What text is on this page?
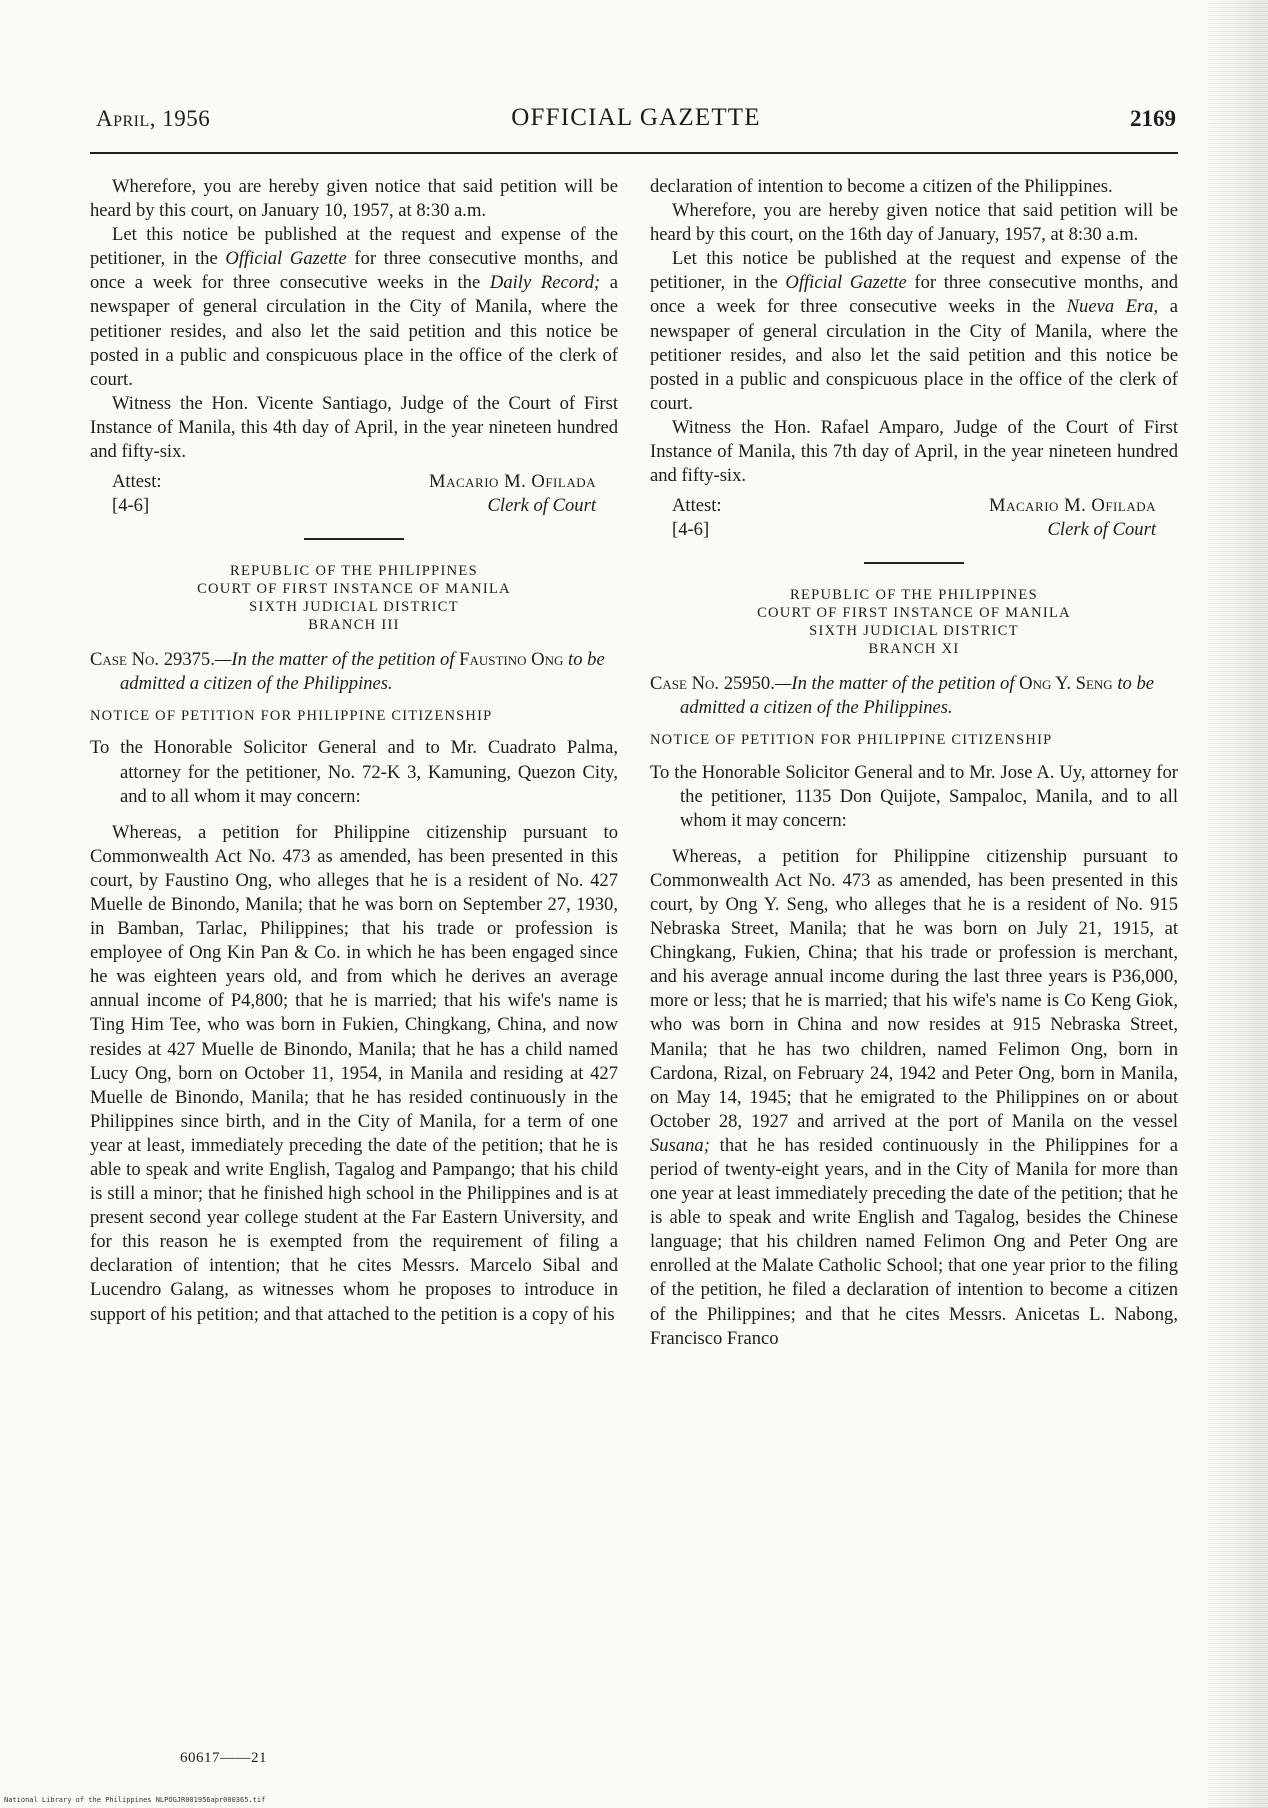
April, 1956	OFFICIAL GAZETTE	2169

Wherefore, you are hereby given notice that said petition will be heard by this court, on January 10, 1957, at 8:30 a.m.

Let this notice be published at the request and expense of the petitioner, in the Official Gazette for three consecutive months, and once a week for three consecutive weeks in the Daily Record; a newspaper of general circulation in the City of Manila, where the petitioner resides, and also let the said petition and this notice be posted in a public and conspicuous place in the office of the clerk of court.

Witness the Hon. Vicente Santiago, Judge of the Court of First Instance of Manila, this 4th day of April, in the year nineteen hundred and fifty-six.

Attest:
[4-6]
Macario M. Ofilada
Clerk of Court
REPUBLIC OF THE PHILIPPINES
COURT OF FIRST INSTANCE OF MANILA
SIXTH JUDICIAL DISTRICT
BRANCH III

Case No. 29375.—In the matter of the petition of Faustino Ong to be admitted a citizen of the Philippines.

NOTICE OF PETITION FOR PHILIPPINE CITIZENSHIP

To the Honorable Solicitor General and to Mr. Cuadrato Palma, attorney for the petitioner, No. 72-K 3, Kamuning, Quezon City, and to all whom it may concern:

Whereas, a petition for Philippine citizenship pursuant to Commonwealth Act No. 473 as amended, has been presented in this court, by Faustino Ong, who alleges that he is a resident of No. 427 Muelle de Binondo, Manila; that he was born on September 27, 1930, in Bamban, Tarlac, Philippines; that his trade or profession is employee of Ong Kin Pan & Co. in which he has been engaged since he was eighteen years old, and from which he derives an average annual income of P4,800; that he is married; that his wife's name is Ting Him Tee, who was born in Fukien, Chingkang, China, and now resides at 427 Muelle de Binondo, Manila; that he has a child named Lucy Ong, born on October 11, 1954, in Manila and residing at 427 Muelle de Binondo, Manila; that he has resided continuously in the Philippines since birth, and in the City of Manila, for a term of one year at least, immediately preceding the date of the petition; that he is able to speak and write English, Tagalog and Pampango; that his child is still a minor; that he finished high school in the Philippines and is at present second year college student at the Far Eastern University, and for this reason he is exempted from the requirement of filing a declaration of intention; that he cites Messrs. Marcelo Sibal and Lucendro Galang, as witnesses whom he proposes to introduce in support of his petition; and that attached to the petition is a copy of his

declaration of intention to become a citizen of the Philippines.

Wherefore, you are hereby given notice that said petition will be heard by this court, on the 16th day of January, 1957, at 8:30 a.m.

Let this notice be published at the request and expense of the petitioner, in the Official Gazette for three consecutive months, and once a week for three consecutive weeks in the Nueva Era, a newspaper of general circulation in the City of Manila, where the petitioner resides, and also let the said petition and this notice be posted in a public and conspicuous place in the office of the clerk of court.

Witness the Hon. Rafael Amparo, Judge of the Court of First Instance of Manila, this 7th day of April, in the year nineteen hundred and fifty-six.

Attest:
[4-6]
Macario M. Ofilada
Clerk of Court
REPUBLIC OF THE PHILIPPINES
COURT OF FIRST INSTANCE OF MANILA
SIXTH JUDICIAL DISTRICT
BRANCH XI

Case No. 25950.—In the matter of the petition of Ong Y. Seng to be admitted a citizen of the Philippines.

NOTICE OF PETITION FOR PHILIPPINE CITIZENSHIP

To the Honorable Solicitor General and to Mr. Jose A. Uy, attorney for the petitioner, 1135 Don Quijote, Sampaloc, Manila, and to all whom it may concern:

Whereas, a petition for Philippine citizenship pursuant to Commonwealth Act No. 473 as amended, has been presented in this court, by Ong Y. Seng, who alleges that he is a resident of No. 915 Nebraska Street, Manila; that he was born on July 21, 1915, at Chingkang, Fukien, China; that his trade or profession is merchant, and his average annual income during the last three years is P36,000, more or less; that he is married; that his wife's name is Co Keng Giok, who was born in China and now resides at 915 Nebraska Street, Manila; that he has two children, named Felimon Ong, born in Cardona, Rizal, on February 24, 1942 and Peter Ong, born in Manila, on May 14, 1945; that he emigrated to the Philippines on or about October 28, 1927 and arrived at the port of Manila on the vessel Susana; that he has resided continuously in the Philippines for a period of twenty-eight years, and in the City of Manila for more than one year at least immediately preceding the date of the petition; that he is able to speak and write English and Tagalog, besides the Chinese language; that his children named Felimon Ong and Peter Ong are enrolled at the Malate Catholic School; that one year prior to the filing of the petition, he filed a declaration of intention to become a citizen of the Philippines; and that he cites Messrs. Anicetas L. Nabong, Francisco Franco

60617——21
National Library of the Philippines NLPOGJR001956apr000365.tif
